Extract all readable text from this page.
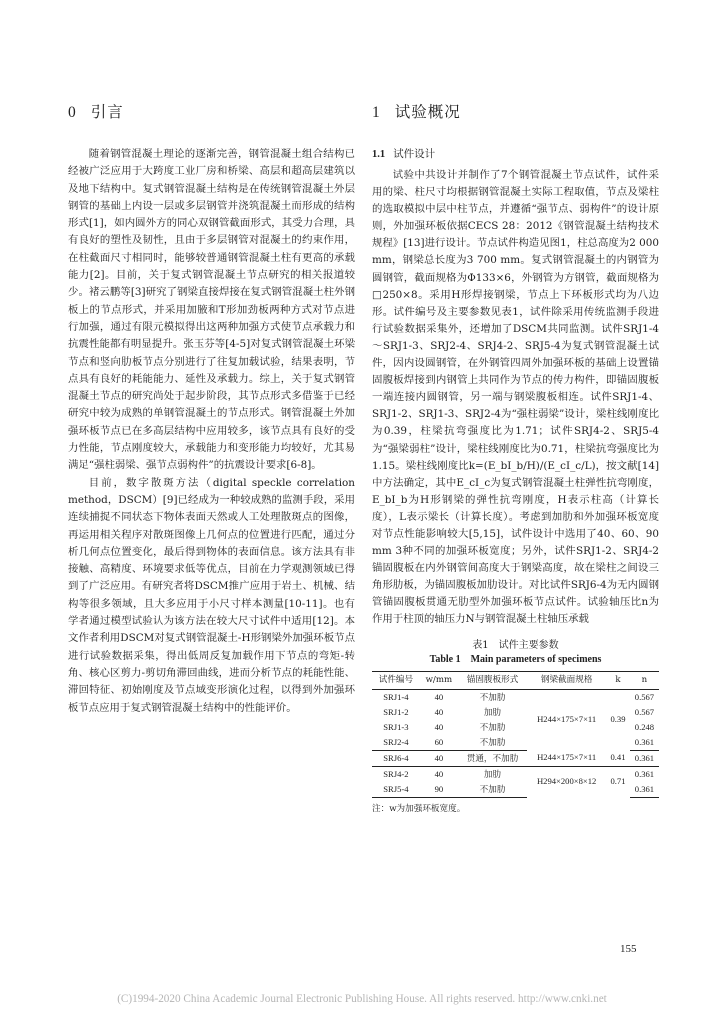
0 引言

随着钢管混凝土理论的逐渐完善，钢管混凝土组合结构已经被广泛应用于大跨度工业厂房和桥梁、高层和超高层建筑以及地下结构中。复式钢管混凝土结构是在传统钢管混凝土外层钢管的基础上内设一层或多层钢管并浇筑混凝土而形成的结构形式[1]，如内圆外方的同心双钢管截面形式，其受力合理，具有良好的塑性及韧性，且由于多层钢管对混凝土的约束作用，在柱截面尺寸相同时，能够较普通钢管混凝土柱有更高的承载能力[2]。目前，关于复式钢管混凝土节点研究的相关报道较少。褚云鹏等[3]研究了钢梁直接焊接在复式钢管混凝土柱外钢板上的节点形式，并采用加腋和T形加劲板两种方式对节点进行加强，通过有限元模拟得出这两种加强方式使节点承载力和抗震性能都有明显提升。张玉芬等[4-5]对复式钢管混凝土环梁节点和竖向肋板节点分别进行了往复加载试验，结果表明，节点具有良好的耗能能力、延性及承载力。综上，关于复式钢管混凝土节点的研究尚处于起步阶段，其节点形式多借鉴于已经研究中较为成熟的单钢管混凝土的节点形式。钢管混凝土外加强环板节点已在多高层结构中应用较多，该节点具有良好的受力性能，节点刚度较大，承载能力和变形能力均较好，尤其易满足“强柱弱梁、强节点弱构件”的抗震设计要求[6-8]。

目前，数字散斑方法（digital speckle correlation method，DSCM）[9]已经成为一种较成熟的监测手段，采用连续捕捉不同状态下物体表面天然或人工处理散斑点的图像，再运用相关程序对散斑图像上几何点的位置进行匹配，通过分析几何点位置变化，最后得到物体的表面信息。该方法具有非接触、高精度、环境要求低等优点，目前在力学观测领域已得到了广泛应用。有研究者将DSCM推广应用于岩土、机械、结构等很多领域，且大多应用于小尺寸样本测量[10-11]。也有学者通过模型试验认为该方法在较大尺寸试件中适用[12]。本文作者利用DSCM对复式钢管混凝土-H形钢梁外加强环板节点进行试验数据采集，得出低周反复加载作用下节点的弯矩-转角、核心区剪力-剪切角滞回曲线，进而分析节点的耗能性能、滞回特征、初始刚度及节点域变形演化过程，以得到外加强环板节点应用于复式钢管混凝土结构中的性能评价。

1 试验概况
1.1 试件设计

试验中共设计并制作了7个钢管混凝土节点试件，试件采用的梁、柱尺寸均根据钢管混凝土实际工程取值，节点及梁柱的选取模拟中层中柱节点，并遵循“强节点、弱构件”的设计原则，外加强环板依据CECS 28：2012《钢管混凝土结构技术规程》[13]进行设计。节点试件构造见图1，柱总高度为2 000 mm，钢梁总长度为3 700 mm。复式钢管混凝土的内钢管为圆钢管，截面规格为Φ133×6，外钢管为方钢管，截面规格为□250×8。采用H形焊接钢梁，节点上下环板形式均为八边形。试件编号及主要参数见表1，试件除采用传统监测手段进行试验数据采集外，还增加了DSCM共同监测。试件SRJ1-4～SRJ1-3、SRJ2-4、SRJ4-2、SRJ5-4为复式钢管混凝土试件，因内设圆钢管，在外钢管四周外加强环板的基础上设置锚固腹板焊接到内钢管上共同作为节点的传力构件，即锚固腹板一端连接内圆钢管，另一端与钢梁腹板相连。试件SRJ1-4、SRJ1-2、SRJ1-3、SRJ2-4为“强柱弱梁”设计，梁柱线刚度比为0.39，柱梁抗弯强度比为1.71；试件SRJ4-2、SRJ5-4为“强梁弱柱”设计，梁柱线刚度比为0.71，柱梁抗弯强度比为1.15。梁柱线刚度比k=(E_bI_b/H)/(E_cI_c/L)，按文献[14]中方法确定，其中E_cI_c为复式钢管混凝土柱弹性抗弯刚度，E_bI_b为H形钢梁的弹性抗弯刚度，H表示柱高（计算长度），L表示梁长（计算长度）。考虑到加肋和外加强环板宽度对节点性能影响较大[5,15]，试件设计中选用了40、60、90 mm 3种不同的加强环板宽度；另外，试件SRJ1-2、SRJ4-2锚固腹板在内外钢管间高度大于钢梁高度，故在梁柱之间设三角形肋板，为锚固腹板加肋设计。对比试件SRJ6-4为无内圆钢管锚固腹板贯通无肋型外加强环板节点试件。试验轴压比n为作用于柱顶的轴压力N与钢管混凝土柱轴压承载

表1　试件主要参数
Table 1　Main parameters of specimens
试件编号	w/mm	锚固腹板形式	钢梁截面规格	k	n
SRJ1-4	40	不加肋	H244×175×7×11	0.39	0.567
SRJ1-2	40	加肋			0.567
SRJ1-3	40	不加肋			0.248
SRJ2-4	60	不加肋			0.361
SRJ6-4	40	贯通，不加肋	H244×175×7×11	0.41	0.361
SRJ4-2	40	加肋	H294×200×8×12	0.71	0.361
SRJ5-4	90	不加肋			0.361
注：w为加强环板宽度。
155
(C)1994-2020 China Academic Journal Electronic Publishing House. All rights reserved. http://www.cnki.net
